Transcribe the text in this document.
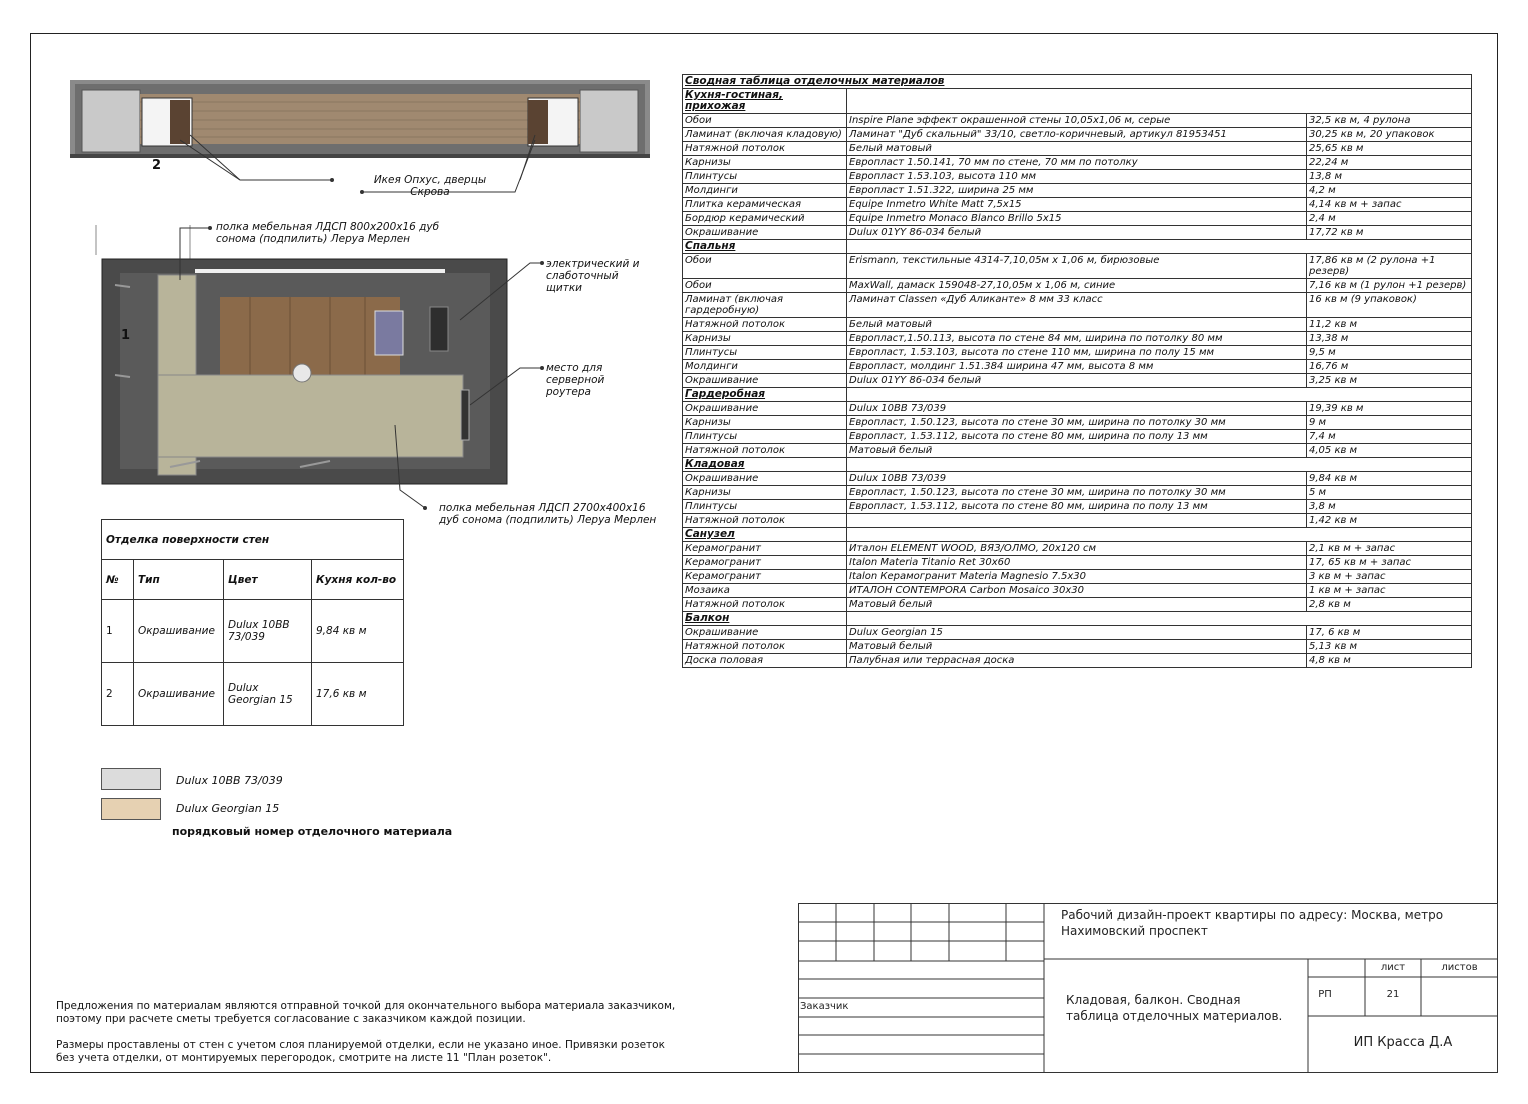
2
Икея Опхус, дверцы Скрова
1
полка мебельная ЛДСП 800х200х16 дуб сонома (подпилить) Леруа Мерлен
электрический и слаботочный щитки
место для серверной роутера
полка мебельная ЛДСП 2700х400х16 дуб сонома (подпилить) Леруа Мерлен
Сводная таблица отделочных материалов		
Кухня-гостиная, прихожая		
Обои	Inspire Plane эффект окрашенной стены 10,05х1,06 м, серые	32,5 кв м, 4 рулона
Ламинат (включая кладовую)	Ламинат "Дуб скальный" 33/10, светло-коричневый, артикул 81953451	30,25 кв м, 20 упаковок
Натяжной потолок	Белый матовый	25,65 кв м
Карнизы	Европласт 1.50.141, 70 мм по стене, 70 мм по потолку	22,24 м
Плинтусы	Европласт 1.53.103, высота 110 мм	13,8 м
Молдинги	Европласт 1.51.322, ширина 25 мм	4,2 м
Плитка керамическая	Equipe Inmetro White Matt 7,5х15	4,14 кв м + запас
Бордюр керамический	Equipe Inmetro Monaco Blanco Brillo 5х15	2,4 м
Окрашивание	Dulux 01YY 86-034 белый	17,72 кв м
Спальня		
Обои	Erismann, текстильные 4314-7,10,05м х 1,06 м, бирюзовые	17,86 кв м (2 рулона +1 резерв)
Обои	MaxWall, дамаск 159048-27,10,05м х 1,06 м, синие	7,16 кв м (1 рулон +1 резерв)
Ламинат (включая гардеробную)	Ламинат Classen «Дуб Аликанте» 8 мм 33 класс	16 кв м (9 упаковок)
Натяжной потолок	Белый матовый	11,2 кв м
Карнизы	Европласт,1.50.113, высота по стене 84 мм, ширина по потолку 80 мм	13,38 м
Плинтусы	Европласт, 1.53.103, высота по стене 110 мм, ширина по полу 15 мм	9,5 м
Молдинги	Европласт, молдинг 1.51.384 ширина 47 мм, высота 8 мм	16,76 м
Окрашивание	Dulux 01YY 86-034 белый	3,25 кв м
Гардеробная		
Окрашивание	Dulux 10BB 73/039	19,39 кв м
Карнизы	Европласт, 1.50.123, высота по стене 30 мм, ширина по потолку 30 мм	9 м
Плинтусы	Европласт, 1.53.112, высота по стене 80 мм, ширина по полу 13 мм	7,4 м
Натяжной потолок	Матовый белый	4,05 кв м
Кладовая		
Окрашивание	Dulux 10BB 73/039	9,84 кв м
Карнизы	Европласт, 1.50.123, высота по стене 30 мм, ширина по потолку 30 мм	5 м
Плинтусы	Европласт, 1.53.112, высота по стене 80 мм, ширина по полу 13 мм	3,8 м
Натяжной потолок		1,42 кв м
Санузел		
Керамогранит	Италон ELEMENT WOOD, ВЯЗ/ОЛМО, 20х120 см	2,1 кв м + запас
Керамогранит	Italon Materia Titanio Ret 30x60	17, 65 кв м + запас
Керамогранит	Italon Керамогранит Materia Magnesio 7.5x30	3 кв м + запас
Мозаика	ИТАЛОН CONTEMPORA Carbon Mosaico 30x30	1 кв м + запас
Натяжной потолок	Матовый белый	2,8 кв м
Балкон		
Окрашивание	Dulux Georgian 15	17, 6 кв м
Натяжной потолок	Матовый белый	5,13 кв м
Доска половая	Палубная или террасная доска	4,8 кв м
Отделка поверхности стен			
№	Тип	Цвет	Кухня кол-во
1	Окрашивание	Dulux 10BB 73/039	9,84 кв м
2	Окрашивание	Dulux Georgian 15	17,6 кв м
Dulux 10BB 73/039
Dulux Georgian 15
порядковый номер отделочного материала
Предложения по материалам являются отправной точкой для окончательного выбора материала заказчиком, поэтому при расчете сметы требуется согласование с заказчиком каждой позиции.
Размеры проставлены от стен с учетом слоя планируемой отделки, если не указано иное. Привязки розеток без учета отделки, от монтируемых перегородок, смотрите на листе 11 "План розеток".
Рабочий дизайн-проект квартиры по адресу: Москва, метро Нахимовский проспект
Кладовая, балкон. Сводная таблица отделочных материалов.
Заказчик
РП
лист	листов
21
ИП Красса Д.А
